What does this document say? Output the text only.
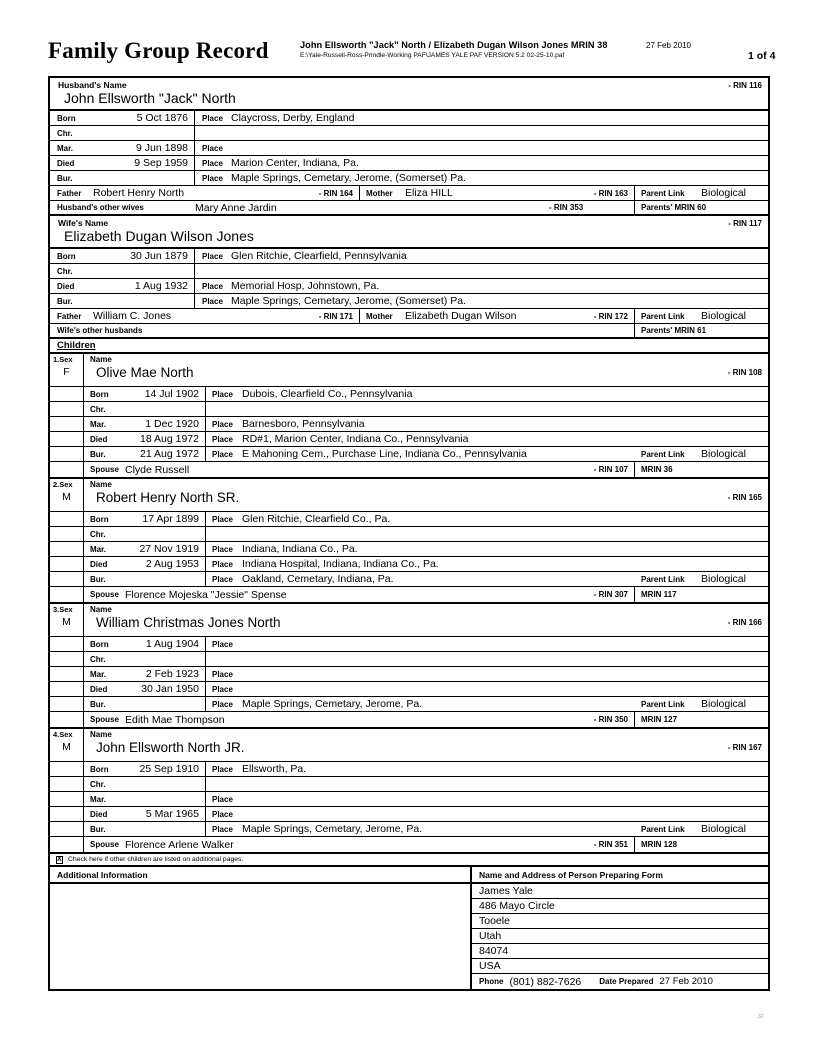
Family Group Record	John Ellsworth "Jack" North / Elizabeth Dugan Wilson Jones MRIN 38
E:\Yale-Russell-Ross-Prindle-Working PAF\JAMES YALE PAF VERSION 5.2 02-25-10.paf
27 Feb 2010
1 of 4
Husband's Name
John Ellsworth "Jack" North
- RIN 116
Born	5 Oct 1876	Place Claycross, Derby, England
Chr.
Mar.	9 Jun 1898	Place
Died	9 Sep 1959	Place Marion Center, Indiana, Pa.
Bur.	Place Maple Springs, Cemetary, Jerome, (Somerset) Pa.
Father	Robert Henry North	- RIN 164	Mother	Eliza HILL	- RIN 163	Parent Link	Biological
Husband's other wives	Mary Anne Jardin	- RIN 353	Parents' MRIN 60
Wife's Name
Elizabeth Dugan Wilson Jones
- RIN 117
Born	30 Jun 1879	Place Glen Ritchie, Clearfield, Pennsylvania
Chr.
Died	1 Aug 1932	Place Memorial Hosp, Johnstown, Pa.
Bur.	Place Maple Springs, Cemetary, Jerome, (Somerset) Pa.
Father	William C. Jones	- RIN 171	Mother	Elizabeth Dugan Wilson	- RIN 172	Parent Link	Biological
Wife's other husbands	Parents' MRIN 61
Children
1.Sex
F
Name
Olive Mae North	- RIN 108
Born	14 Jul 1902	Place Dubois, Clearfield Co., Pennsylvania
Chr.
Mar.	1 Dec 1920	Place Barnesboro, Pennsylvania
Died	18 Aug 1972	Place RD#1, Marion Center, Indiana Co., Pennsylvania
Bur.	21 Aug 1972	Place E Mahoning Cem., Purchase Line, Indiana Co., Pennsylvania	Parent Link	Biological
Spouse Clyde Russell	- RIN 107	MRIN 36
2.Sex
M
Name
Robert Henry North SR.	- RIN 165
Born	17 Apr 1899	Place Glen Ritchie, Clearfield Co., Pa.
Chr.
Mar.	27 Nov 1919	Place Indiana, Indiana Co., Pa.
Died	2 Aug 1953	Place Indiana Hospital, Indiana, Indiana Co., Pa.
Bur.	Place Oakland, Cemetary, Indiana, Pa.	Parent Link	Biological
Spouse Florence Mojeska "Jessie" Spense	- RIN 307	MRIN 117
3.Sex
M
Name
William Christmas Jones North	- RIN 166
Born	1 Aug 1904	Place
Chr.
Mar.	2 Feb 1923	Place
Died	30 Jan 1950	Place
Bur.	Place Maple Springs, Cemetary, Jerome, Pa.	Parent Link	Biological
Spouse Edith Mae Thompson	- RIN 350	MRIN 127
4.Sex
M
Name
John Ellsworth North JR.	- RIN 167
Born	25 Sep 1910	Place Ellsworth, Pa.
Chr.
Mar.	Place
Died	5 Mar 1965	Place
Bur.	Place Maple Springs, Cemetary, Jerome, Pa.	Parent Link	Biological
Spouse Florence Arlene Walker	- RIN 351	MRIN 128
X
Check here if other children are listed on additional pages.
Additional Information	Name and Address of Person Preparing Form
James Yale
486 Mayo Circle
Tooele
Utah
84074
USA
Phone (801) 882-7626	Date Prepared 27 Feb 2010
32
